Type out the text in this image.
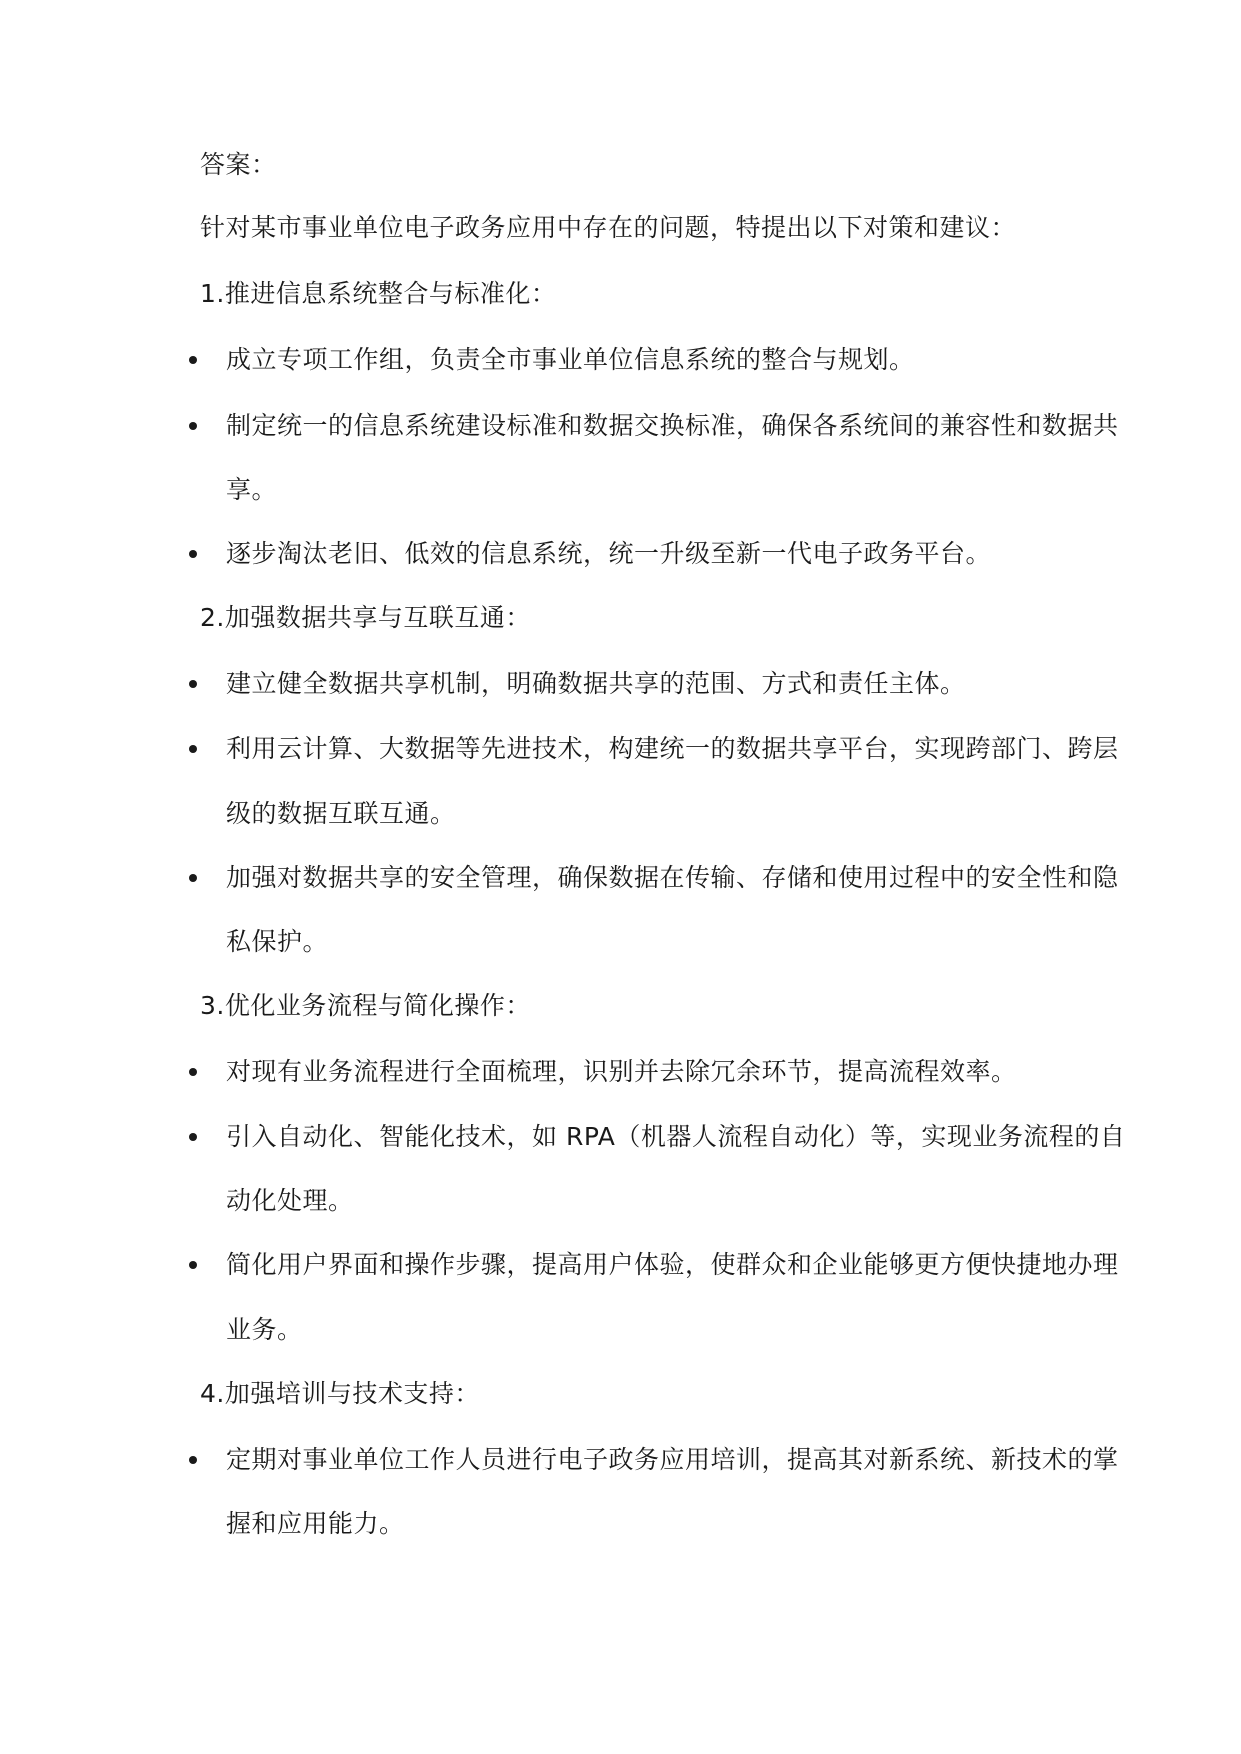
答案：
针对某市事业单位电子政务应用中存在的问题，特提出以下对策和建议：
1.推进信息系统整合与标准化：
成立专项工作组，负责全市事业单位信息系统的整合与规划。
制定统一的信息系统建设标准和数据交换标准，确保各系统间的兼容性和数据共
享。
逐步淘汰老旧、低效的信息系统，统一升级至新一代电子政务平台。
2.加强数据共享与互联互通：
建立健全数据共享机制，明确数据共享的范围、方式和责任主体。
利用云计算、大数据等先进技术，构建统一的数据共享平台，实现跨部门、跨层
级的数据互联互通。
加强对数据共享的安全管理，确保数据在传输、存储和使用过程中的安全性和隐
私保护。
3.优化业务流程与简化操作：
对现有业务流程进行全面梳理，识别并去除冗余环节，提高流程效率。
引入自动化、智能化技术，如 RPA（机器人流程自动化）等，实现业务流程的自
动化处理。
简化用户界面和操作步骤，提高用户体验，使群众和企业能够更方便快捷地办理
业务。
4.加强培训与技术支持：
定期对事业单位工作人员进行电子政务应用培训，提高其对新系统、新技术的掌
握和应用能力。
